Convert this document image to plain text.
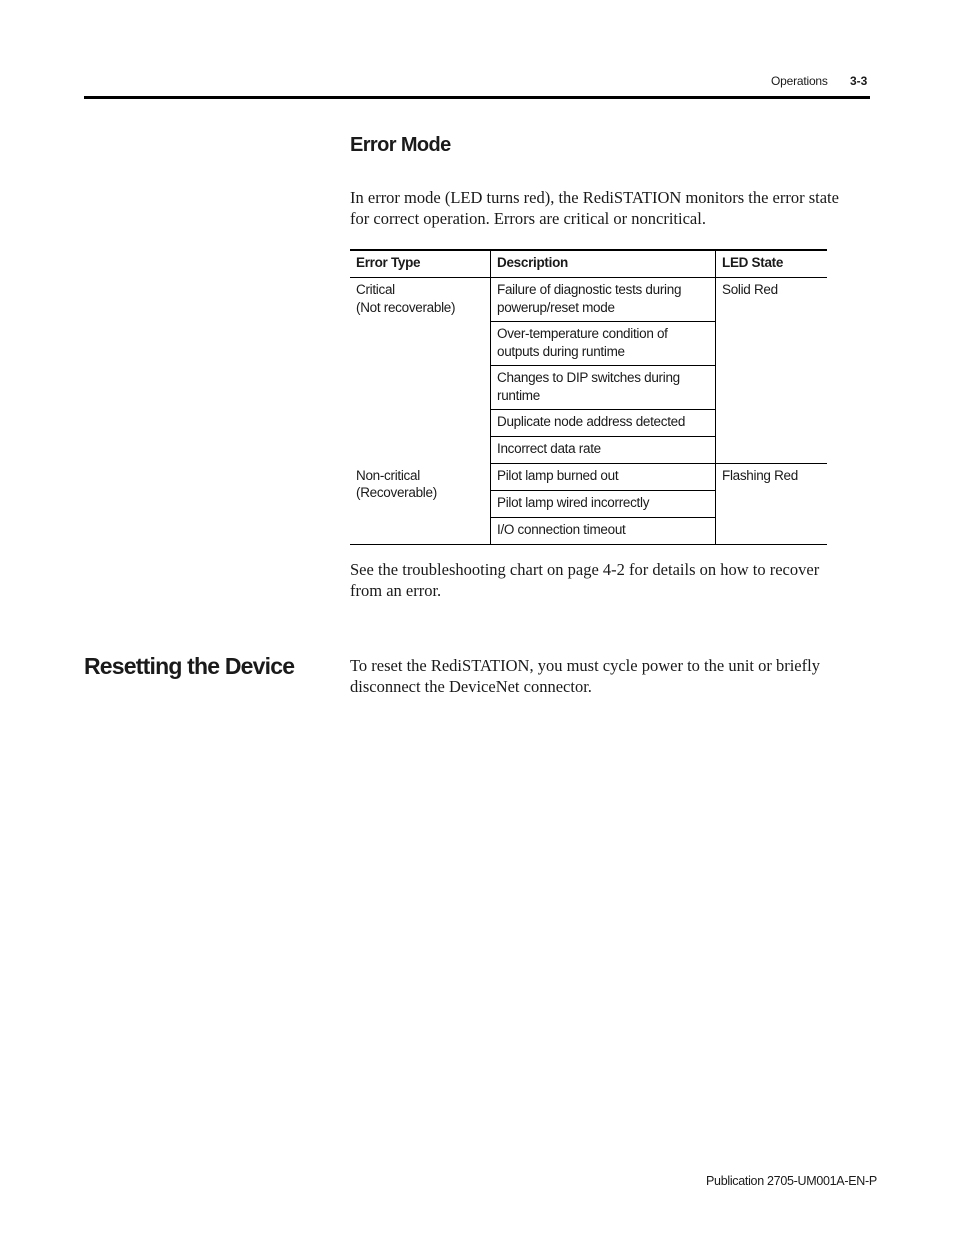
Operations 3-3
Error Mode

In error mode (LED turns red), the RediSTATION monitors the error state for correct operation. Errors are critical or noncritical.

Error Type	Description	LED State

Critical
(Not recoverable)	Failure of diagnostic tests during powerup/reset mode	Solid Red
	Over-temperature condition of outputs during runtime	
	Changes to DIP switches during runtime	
	Duplicate node address detected	
	Incorrect data rate	

Non-critical
(Recoverable)	Pilot lamp burned out	Flashing Red
	Pilot lamp wired incorrectly	
	I/O connection timeout	

See the troubleshooting chart on page 4-2 for details on how to recover from an error.

Resetting the Device	To reset the RediSTATION, you must cycle power to the unit or briefly disconnect the DeviceNet connector.

Publication 2705-UM001A-EN-P
